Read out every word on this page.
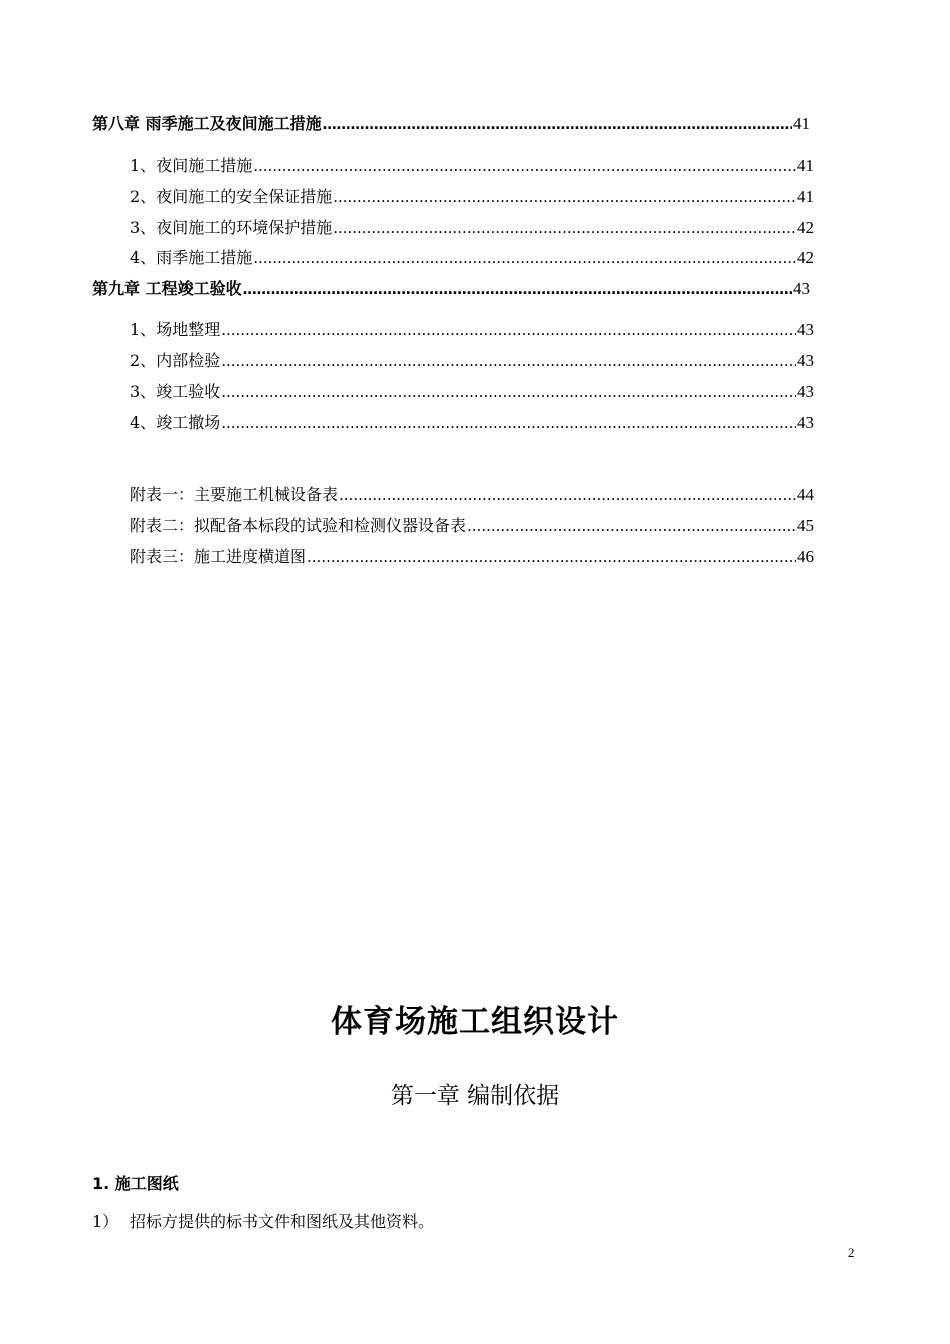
第八章 雨季施工及夜间施工措施 ………………………………………………………………………………………………………………………………………………………………………………	41
1、 夜间施工措施 .....	41
2、 夜间施工的安全保证措施 .....	41
3、 夜间施工的环境保护措施 .....	42
4、 雨季施工措施 .....	42
第九章 工程竣工验收 ………………………………………………………………………………………………………………………………………………………………………………	43
1、 场地整理 .....	43
2、 内部检验 .....	43
3、 竣工验收 .....	43
4、 竣工撤场 .....	43
附表一：主要施工机械设备表 .....	44
附表二：拟配备本标段的试验和检测仪器设备表 .....	45
附表三：施工进度横道图 .....	46
体育场施工组织设计
第一章 编制依据
1. 施工图纸
1） 招标方提供的标书文件和图纸及其他资料。
2
